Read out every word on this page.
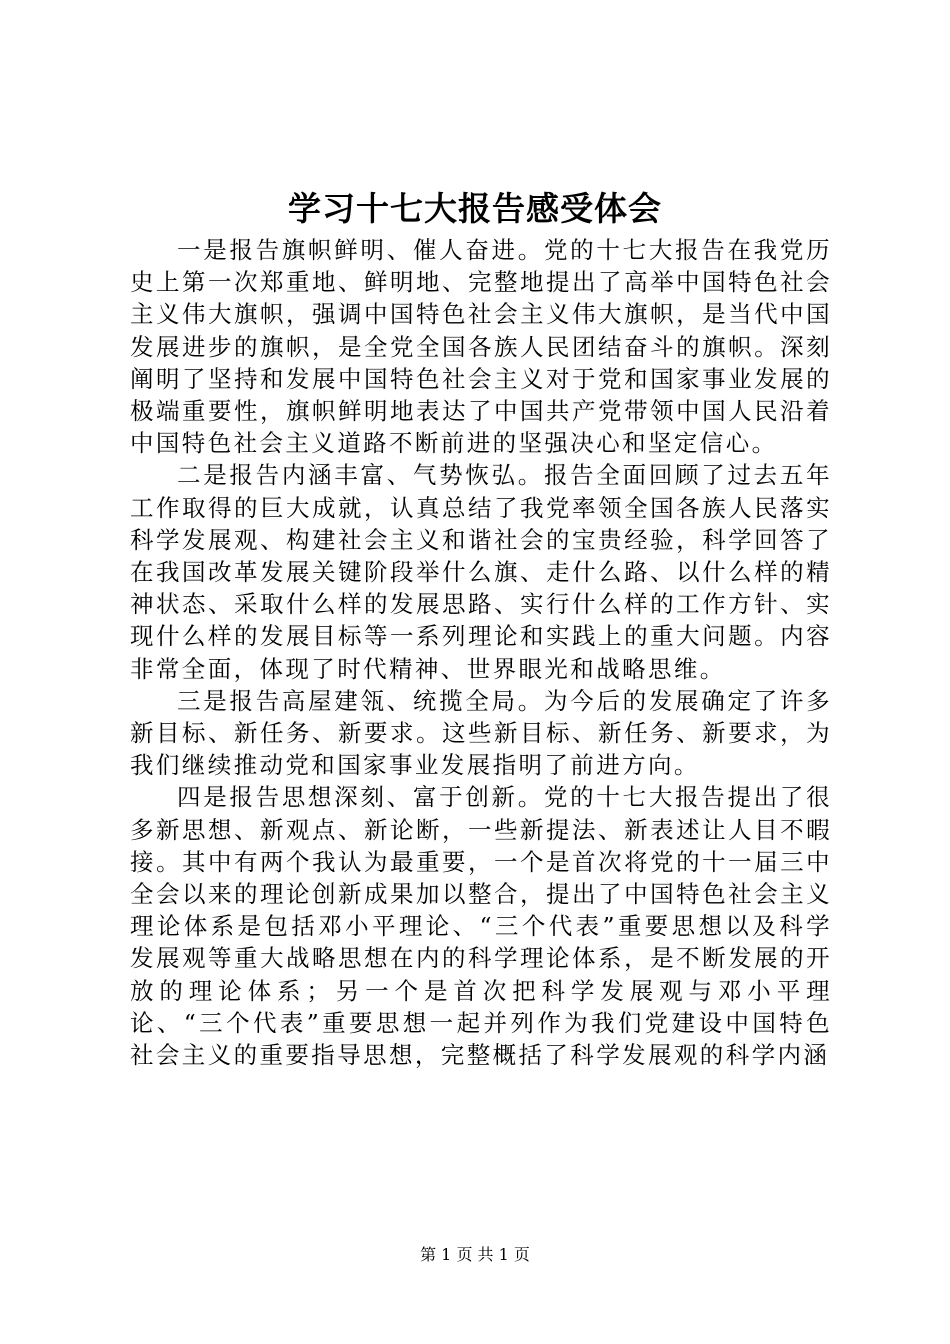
学习十七大报告感受体会

一是报告旗帜鲜明、催人奋进。党的十七大报告在我党历史上第一次郑重地、鲜明地、完整地提出了高举中国特色社会主义伟大旗帜，强调中国特色社会主义伟大旗帜，是当代中国发展进步的旗帜，是全党全国各族人民团结奋斗的旗帜。深刻阐明了坚持和发展中国特色社会主义对于党和国家事业发展的极端重要性，旗帜鲜明地表达了中国共产党带领中国人民沿着中国特色社会主义道路不断前进的坚强决心和坚定信心。

二是报告内涵丰富、气势恢弘。报告全面回顾了过去五年工作取得的巨大成就，认真总结了我党率领全国各族人民落实科学发展观、构建社会主义和谐社会的宝贵经验，科学回答了在我国改革发展关键阶段举什么旗、走什么路、以什么样的精神状态、采取什么样的发展思路、实行什么样的工作方针、实现什么样的发展目标等一系列理论和实践上的重大问题。内容非常全面，体现了时代精神、世界眼光和战略思维。

三是报告高屋建瓴、统揽全局。为今后的发展确定了许多新目标、新任务、新要求。这些新目标、新任务、新要求，为我们继续推动党和国家事业发展指明了前进方向。

四是报告思想深刻、富于创新。党的十七大报告提出了很多新思想、新观点、新论断，一些新提法、新表述让人目不暇接。其中有两个我认为最重要，一个是首次将党的十一届三中全会以来的理论创新成果加以整合，提出了中国特色社会主义理论体系是包括邓小平理论、“三个代表”重要思想以及科学发展观等重大战略思想在内的科学理论体系，是不断发展的开放的理论体系；另一个是首次把科学发展观与邓小平理论、“三个代表”重要思想一起并列作为我们党建设中国特色社会主义的重要指导思想，完整概括了科学发展观的科学内涵

第 1 页 共 1 页
